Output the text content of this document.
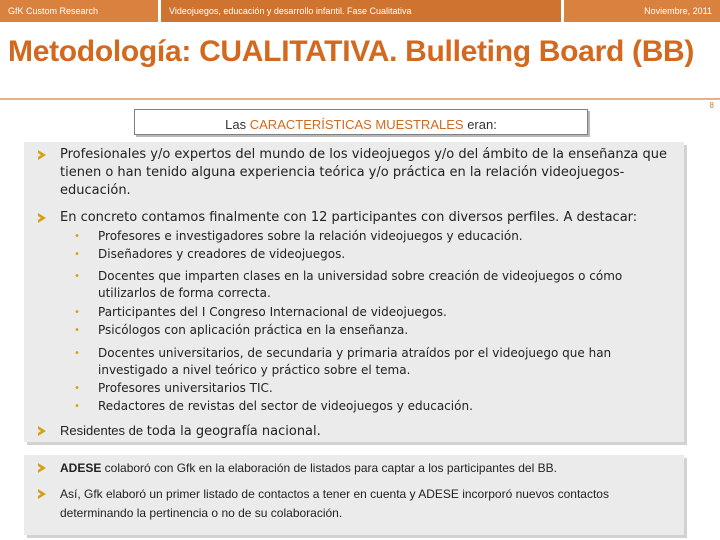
GfK Custom Research	Videojuegos, educación y desarrollo infantil. Fase Cualitativa	Noviembre, 2011
Metodología: CUALITATIVA. Bulleting Board (BB)
8
Las CARACTERÍSTICAS MUESTRALES eran:
Profesionales y/o expertos del mundo de los videojuegos y/o del ámbito de la enseñanza que tienen o han tenido alguna experiencia teórica y/o práctica en la relación videojuegos-educación.
En concreto contamos finalmente con 12 participantes con diversos perfiles. A destacar:
•	Profesores e investigadores sobre la relación videojuegos y educación.
•	Diseñadores y creadores de videojuegos.
•	Docentes que imparten clases en la universidad sobre creación de videojuegos o cómo utilizarlos de forma correcta.
•	Participantes del I Congreso Internacional de videojuegos.
•	Psicólogos con aplicación práctica en la enseñanza.
•	Docentes universitarios, de secundaria y primaria atraídos por el videojuego que han investigado a nivel teórico y práctico sobre el tema.
•	Profesores universitarios TIC.
•	Redactores de revistas del sector de videojuegos y educación.
Residentes de toda la geografía nacional.
ADESE colaboró con Gfk en la elaboración de listados para captar a los participantes del BB.
Así, Gfk elaboró un primer listado de contactos a tener en cuenta y ADESE incorporó nuevos contactos determinando la pertinencia o no de su colaboración.
